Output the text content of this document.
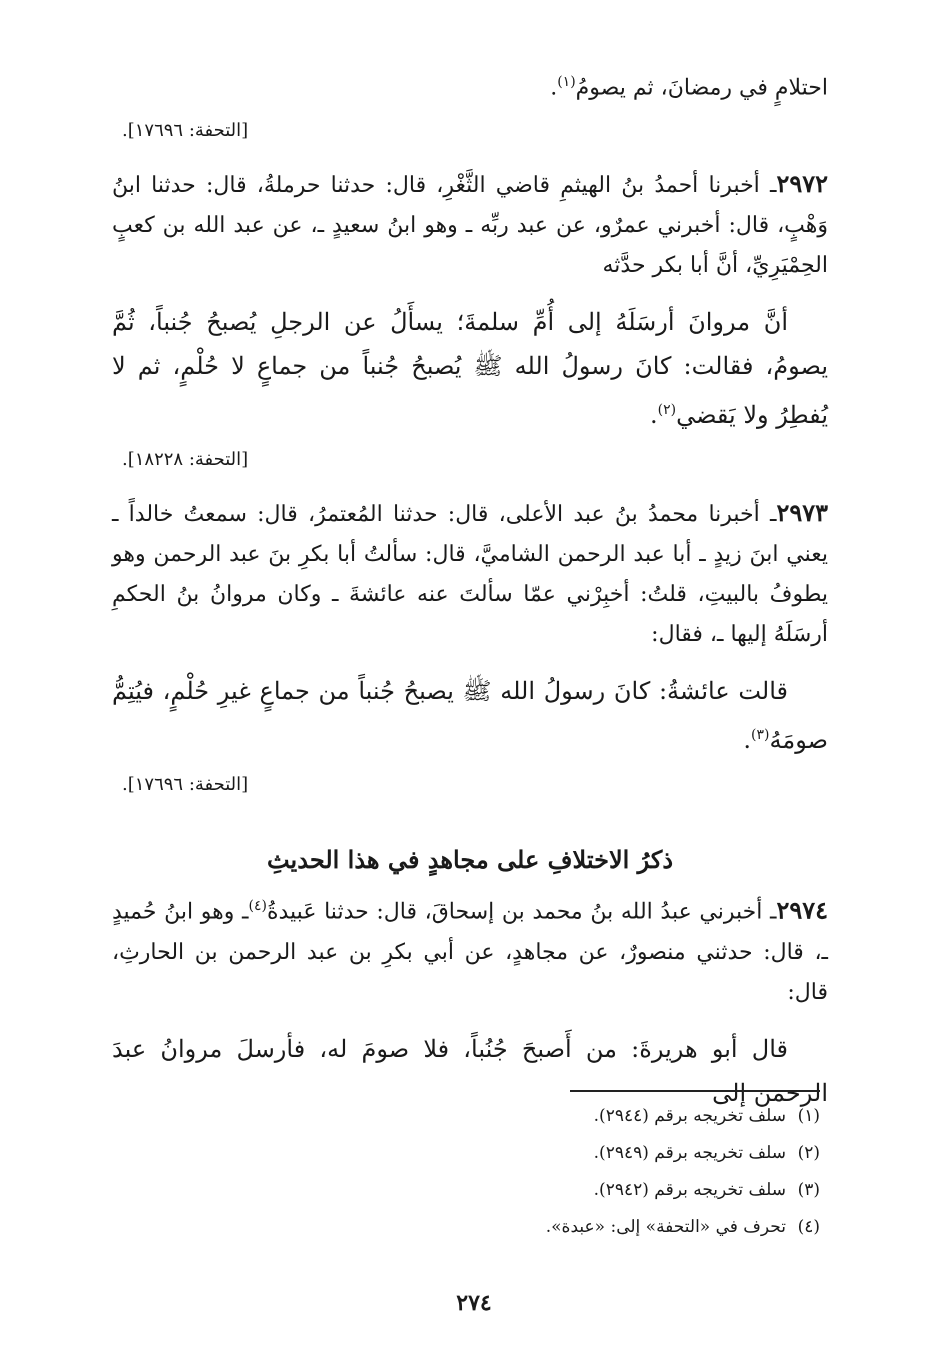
احتلامٍ في رمضانَ، ثم يصومُ$^{(١)}$.

[التحفة: ١٧٦٩٦].

٢٩٧٢ـ أخبرنا أحمدُ بنُ الهيثمِ قاضي الثَّغْرِ، قال: حدثنا حرملةُ، قال: حدثنا ابنُ وَهْبٍ، قال: أخبرني عمرٌو، عن عبد ربِّه ـ وهو ابنُ سعيدٍ ـ، عن عبد الله بن كعبٍ الحِمْيَرِيِّ، أنَّ أبا بكر حدَّثه

أنَّ مروانَ أرسَلَهُ إلى أُمِّ سلمةَ؛ يسأَلُ عن الرجلِ يُصبحُ جُنباً، ثُمَّ يصومُ، فقالت: كانَ رسولُ الله ﷺ يُصبحُ جُنباً من جماعٍ لا حُلْمٍ، ثم لا يُفطِرُ ولا يَقضي$^{(٢)}$.

[التحفة: ١٨٢٢٨].

٢٩٧٣ـ أخبرنا محمدُ بنُ عبد الأعلى، قال: حدثنا المُعتمرُ، قال: سمعتُ خالداً ـ يعني ابنَ زيدٍ ـ أبا عبد الرحمن الشاميَّ، قال: سألتُ أبا بكرِ بنَ عبد الرحمن وهو يطوفُ بالبيتِ، قلتُ: أخبِرْني عمّا سألتَ عنه عائشةَ ـ وكان مروانُ بنُ الحكمِ أرسَلَهُ إليها ـ، فقال:

قالت عائشةُ: كانَ رسولُ الله ﷺ يصبحُ جُنباً من جماعٍ غيرِ حُلْمٍ، فيُتِمُّ صومَهُ$^{(٣)}$.

[التحفة: ١٧٦٩٦].

ذكرُ الاختلافِ على مجاهدٍ في هذا الحديثِ

٢٩٧٤ـ أخبرني عبدُ الله بنُ محمد بن إسحاقَ، قال: حدثنا عَبيدةُ$^{(٤)}$ـ وهو ابنُ حُميدٍ ـ، قال: حدثني منصورٌ، عن مجاهدٍ، عن أبي بكرِ بن عبد الرحمن بن الحارثِ، قال:

قال أبو هريرةَ: من أَصبحَ جُنُباً، فلا صومَ له، فأرسلَ مروانُ عبدَ الرحمن إلى

(١)سلف تخريجه برقم (٢٩٤٤).
(٢)سلف تخريجه برقم (٢٩٤٩).
(٣)سلف تخريجه برقم (٢٩٤٢).
(٤)تحرف في «التحفة» إلى: «عبدة».
٢٧٤
